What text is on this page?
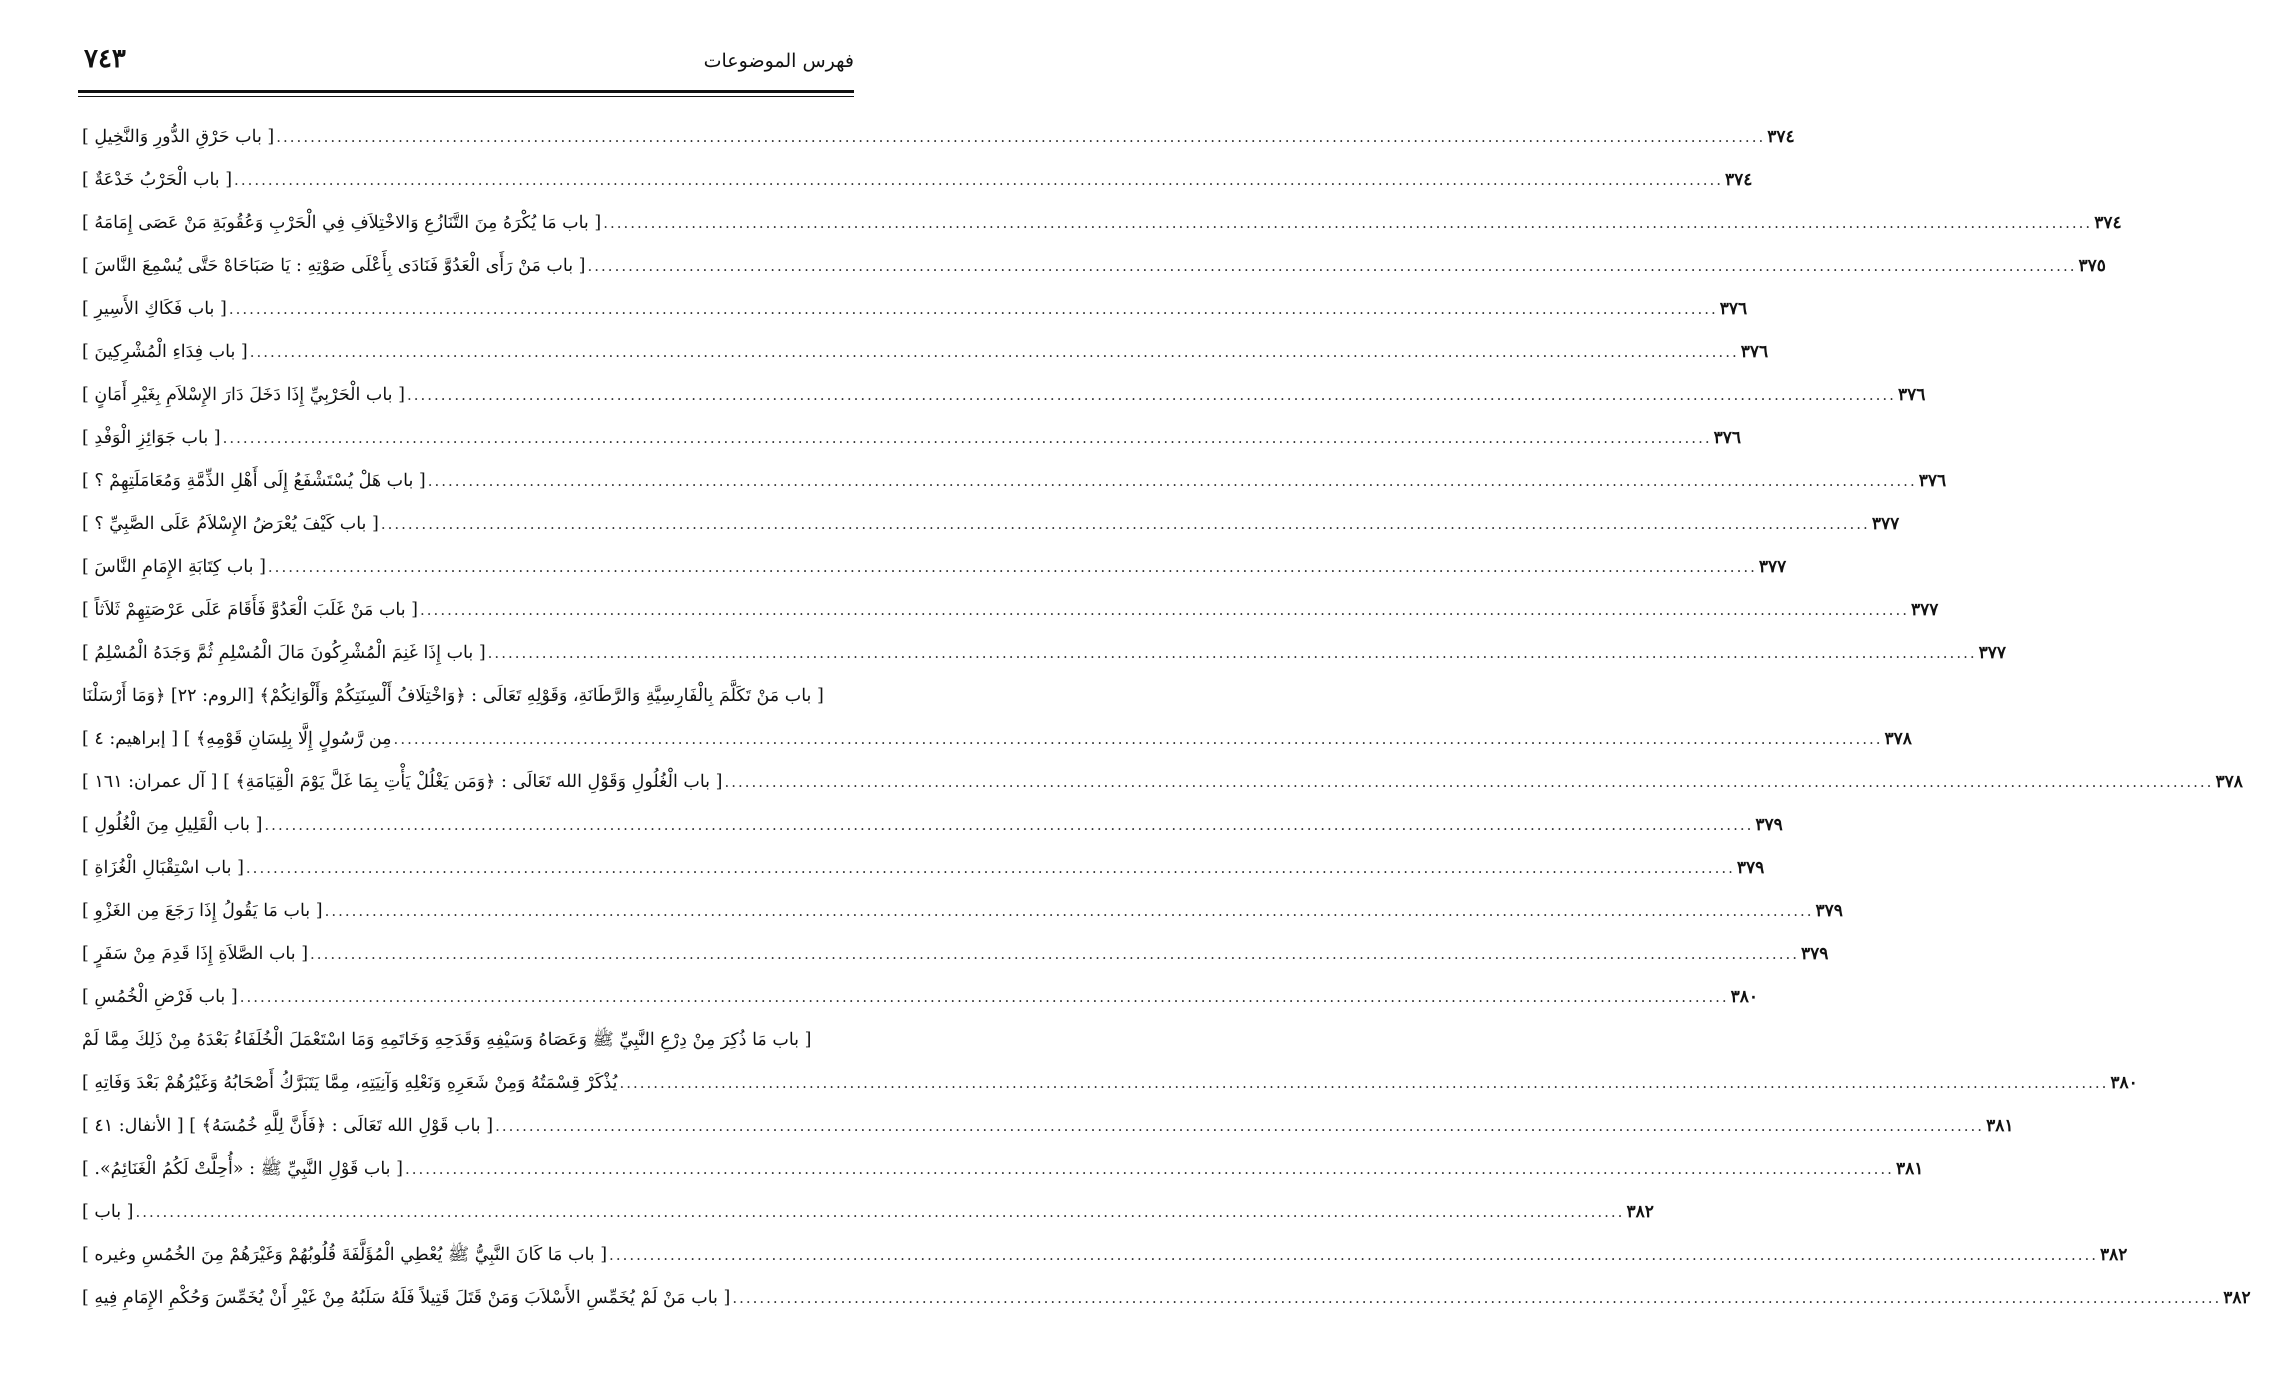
فهرس الموضوعات
٧٤٣
[ باب حَرْقِ الدُّورِ وَالنَّخِيلِ ] .....	٣٧٤
[ باب الْحَرْبُ خَدْعَةٌ ] .....	٣٧٤
[ باب مَا يُكْرَهُ مِنَ التَّنَازُعِ وَالاخْتِلاَفِ فِي الْحَرْبِ وَعُقُوبَةِ مَنْ عَصَى إِمَامَهُ ] .....	٣٧٤
[ باب مَنْ رَأَى الْعَدُوَّ فَنَادَى بِأَعْلَى صَوْتِهِ : يَا صَبَاحَاهْ حَتَّى يُسْمِعَ النَّاسَ ] .....	٣٧٥
[ باب فَكَاكِ الأَسِيرِ ] .....	٣٧٦
[ باب فِدَاءِ الْمُشْرِكِينَ ] .....	٣٧٦
[ باب الْحَرْبِيِّ إِذَا دَخَلَ دَارَ الإِسْلاَمِ بِغَيْرِ أَمَانٍ ] .....	٣٧٦
[ باب جَوَائِزِ الْوَفْدِ ] .....	٣٧٦
[ باب هَلْ يُسْتَشْفَعُ إِلَى أَهْلِ الذِّمَّةِ وَمُعَامَلَتِهِمْ ؟ ] .....	٣٧٦
[ باب كَيْفَ يُعْرَضُ الإِسْلاَمُ عَلَى الصَّبِيِّ ؟ ] .....	٣٧٧
[ باب كِتَابَةِ الإِمَامِ النَّاسَ ] .....	٣٧٧
[ باب مَنْ غَلَبَ الْعَدُوَّ فَأَقَامَ عَلَى عَرْصَتِهِمْ ثَلاَثاً ] .....	٣٧٧
[ باب إِذَا غَنِمَ الْمُشْرِكُونَ مَالَ الْمُسْلِمِ ثُمَّ وَجَدَهُ الْمُسْلِمُ ] .....	٣٧٧
[ باب مَنْ تَكَلَّمَ بِالْفَارِسِيَّةِ وَالرَّطَانَةِ، وَقَوْلِهِ تَعَالَى : ﴿وَاخْتِلَافُ أَلْسِنَتِكُمْ وَأَلْوَانِكُمْ﴾ [الروم: ٢٢] ﴿وَمَا أَرْسَلْنَا
مِن رَّسُولٍ إِلَّا بِلِسَانِ قَوْمِهِ﴾ ] [ إبراهيم: ٤ ] .....	٣٧٨
[ باب الْغُلُولِ وَقَوْلِ الله تَعَالَى : ﴿وَمَن يَغْلُلْ يَأْتِ بِمَا غَلَّ يَوْمَ الْقِيَامَةِ﴾ ] [ آل عمران: ١٦١ ] .....	٣٧٨
[ باب الْقَلِيلِ مِنَ الْغُلُولِ ] .....	٣٧٩
[ باب اسْتِقْبَالِ الْغُزَاةِ ] .....	٣٧٩
[ باب مَا يَقُولُ إِذَا رَجَعَ مِن الغَزْوِ ] .....	٣٧٩
[ باب الصَّلاَةِ إِذَا قَدِمَ مِنْ سَفَرٍ ] .....	٣٧٩
[ باب فَرْضِ الْخُمُسِ ] .....	٣٨٠
[ باب مَا ذُكِرَ مِنْ دِرْعِ النَّبِيِّ ﷺ وَعَصَاهُ وَسَيْفِهِ وَقَدَحِهِ وَخَاتَمِهِ وَمَا اسْتَعْمَلَ الْخُلَفَاءُ بَعْدَهُ مِنْ ذَلِكَ مِمَّا لَمْ
يُذْكَرْ قِسْمَتُهُ وَمِنْ شَعَرِهِ وَنَعْلِهِ وَآنِيَتِهِ، مِمَّا يَتَبَرَّكُ أَصْحَابُهُ وَغَيْرُهُمْ بَعْدَ وَفَاتِهِ ] .....	٣٨٠
[ باب قَوْلِ الله تَعَالَى : ﴿فَأَنَّ لِلَّهِ خُمُسَهُ﴾ ] [ الأنفال: ٤١ ] .....	٣٨١
[ باب قَوْلِ النَّبِيِّ ﷺ : «أُحِلَّتْ لَكُمُ الْغَنَائِمُ». ] .....	٣٨١
[ باب ] .....	٣٨٢
[ باب مَا كَانَ النَّبِيُّ ﷺ يُعْطِي الْمُؤَلَّفَةَ قُلُوبُهُمْ وَغَيْرَهُمْ مِنَ الخُمُسِ وغيره ] .....	٣٨٢
[ باب مَنْ لَمْ يُخَمِّسِ الأَسْلاَبَ وَمَنْ قَتَلَ قَتِيلاً فَلَهُ سَلَبُهُ مِنْ غَيْرِ أَنْ يُخَمِّسَ وَحُكْمِ الإِمَامِ فِيهِ ] .....	٣٨٢
